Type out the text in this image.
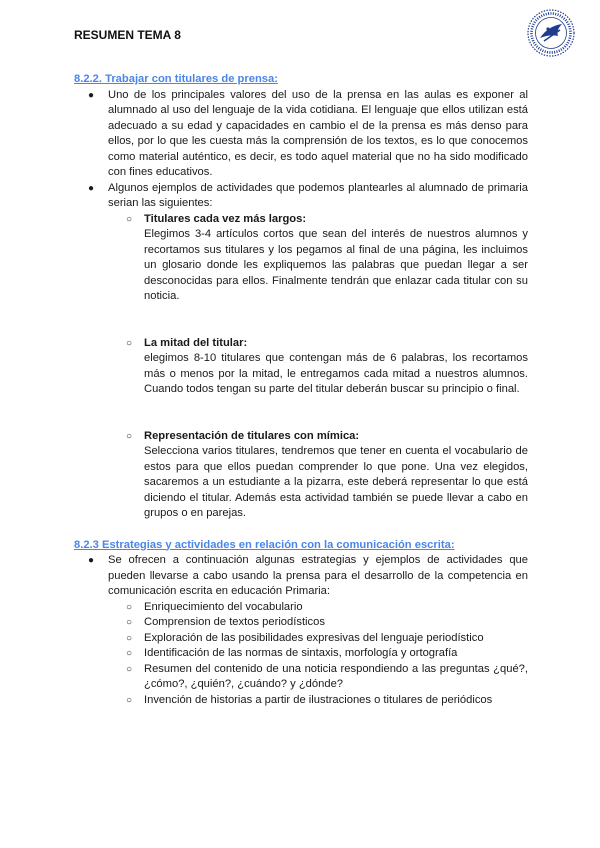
RESUMEN TEMA 8

8.2.2. Trabajar con titulares de prensa:

● Uno de los principales valores del uso de la prensa en las aulas es exponer al alumnado al uso del lenguaje de la vida cotidiana. El lenguaje que ellos utilizan está adecuado a su edad y capacidades en cambio el de la prensa es más denso para ellos, por lo que les cuesta más la comprensión de los textos, es lo que conocemos como material auténtico, es decir, es todo aquel material que no ha sido modificado con fines educativos.
● Algunos ejemplos de actividades que podemos plantearles al alumnado de primaria serian las siguientes:
○ Titulares cada vez más largos:
Elegimos 3-4 artículos cortos que sean del interés de nuestros alumnos y recortamos sus titulares y los pegamos al final de una página, les incluimos un glosario donde les expliquemos las palabras que puedan llegar a ser desconocidas para ellos. Finalmente tendrán que enlazar cada titular con su noticia.
○ La mitad del titular:
elegimos 8-10 titulares que contengan más de 6 palabras, los recortamos más o menos por la mitad, le entregamos cada mitad a nuestros alumnos. Cuando todos tengan su parte del titular deberán buscar su principio o final.
○ Representación de titulares con mímica:
Selecciona varios titulares, tendremos que tener en cuenta el vocabulario de estos para que ellos puedan comprender lo que pone. Una vez elegidos, sacaremos a un estudiante a la pizarra, este deberá representar lo que está diciendo el titular. Además esta actividad también se puede llevar a cabo en grupos o en parejas.

8.2.3 Estrategias y actividades en relación con la comunicación escrita:

● Se ofrecen a continuación algunas estrategias y ejemplos de actividades que pueden llevarse a cabo usando la prensa para el desarrollo de la competencia en comunicación escrita en educación Primaria:
○ Enriquecimiento del vocabulario
○ Comprension de textos periodísticos
○ Exploración de las posibilidades expresivas del lenguaje periodístico
○ Identificación de las normas de sintaxis, morfología y ortografía
○ Resumen del contenido de una noticia respondiendo a las preguntas ¿qué?, ¿cómo?, ¿quién?, ¿cuándo? y ¿dónde?
○ Invención de historias a partir de ilustraciones o titulares de periódicos
